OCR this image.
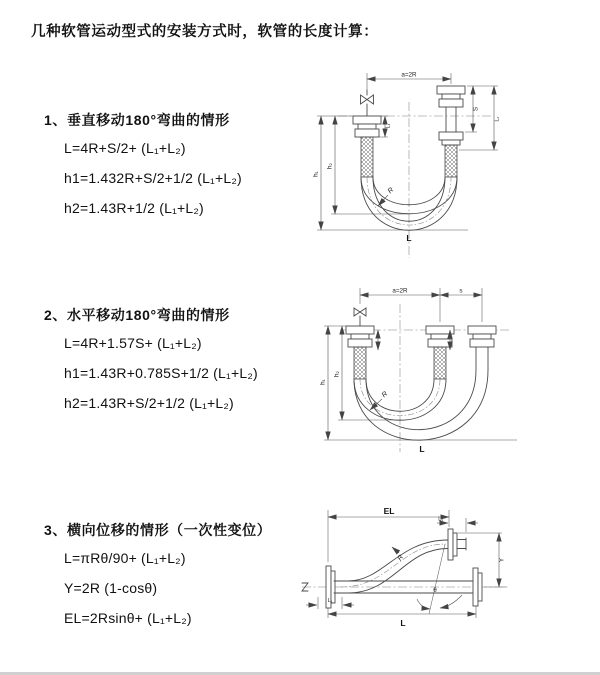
几种软管运动型式的安装方式时，软管的长度计算：
1、垂直移动180°弯曲的情形
L=4R+S/2+ (L₁+L₂)
h1=1.432R+S/2+1/2 (L₁+L₂)
h2=1.43R+1/2 (L₁+L₂)
2、水平移动180°弯曲的情形
L=4R+1.57S+ (L₁+L₂)
h1=1.43R+0.785S+1/2 (L₁+L₂)
h2=1.43R+S/2+1/2 (L₁+L₂)
3、横向位移的情形（一次性变位）
L=πRθ/90+ (L₁+L₂)
Y=2R (1-cosθ)
EL=2Rsinθ+ (L₁+L₂)
a=2R
R
h₂
h₁
L₁
S
L₂
L
a=2R	s
R
h₂
h₁
L
EL
L₁
Y
R
θ
L₁
L
